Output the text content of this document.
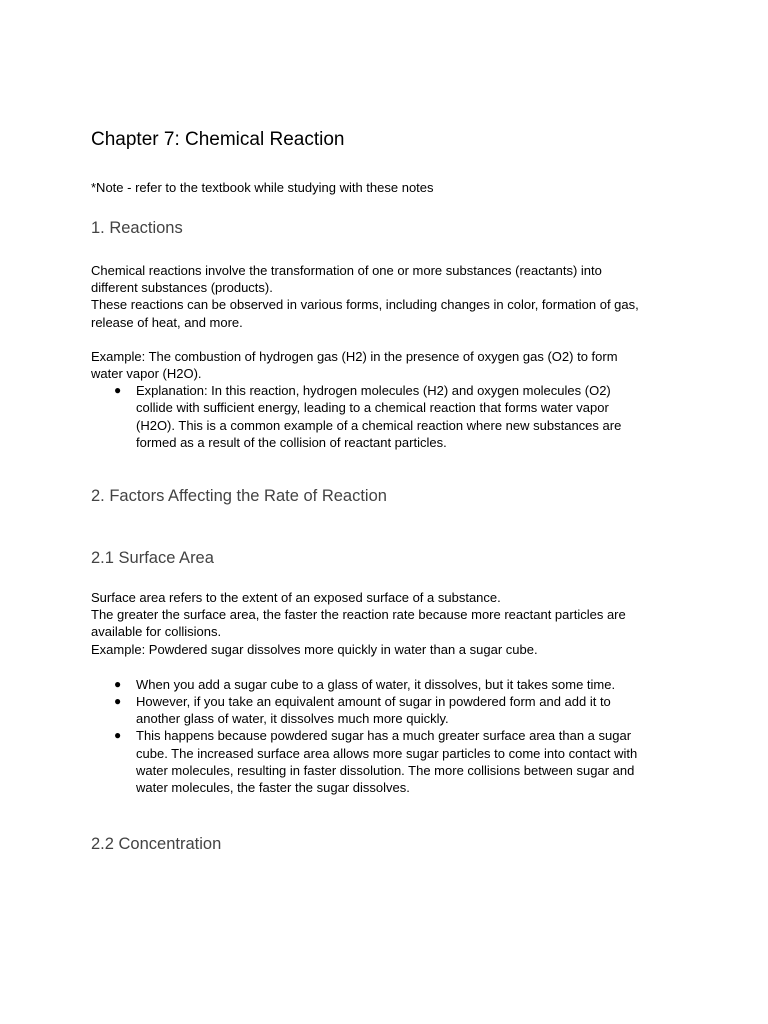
Chapter 7: Chemical Reaction

*Note - refer to the textbook while studying with these notes

1. Reactions
Chemical reactions involve the transformation of one or more substances (reactants) into
different substances (products).
These reactions can be observed in various forms, including changes in color, formation of gas,
release of heat, and more.
Example: The combustion of hydrogen gas (H2) in the presence of oxygen gas (O2) to form
water vapor (H2O).
● Explanation: In this reaction, hydrogen molecules (H2) and oxygen molecules (O2)
collide with sufficient energy, leading to a chemical reaction that forms water vapor
(H2O). This is a common example of a chemical reaction where new substances are
formed as a result of the collision of reactant particles.
2. Factors Affecting the Rate of Reaction
2.1 Surface Area
Surface area refers to the extent of an exposed surface of a substance.
The greater the surface area, the faster the reaction rate because more reactant particles are
available for collisions.
Example: Powdered sugar dissolves more quickly in water than a sugar cube.
● When you add a sugar cube to a glass of water, it dissolves, but it takes some time.
● However, if you take an equivalent amount of sugar in powdered form and add it to
another glass of water, it dissolves much more quickly.
● This happens because powdered sugar has a much greater surface area than a sugar
cube. The increased surface area allows more sugar particles to come into contact with
water molecules, resulting in faster dissolution. The more collisions between sugar and
water molecules, the faster the sugar dissolves.
2.2 Concentration
